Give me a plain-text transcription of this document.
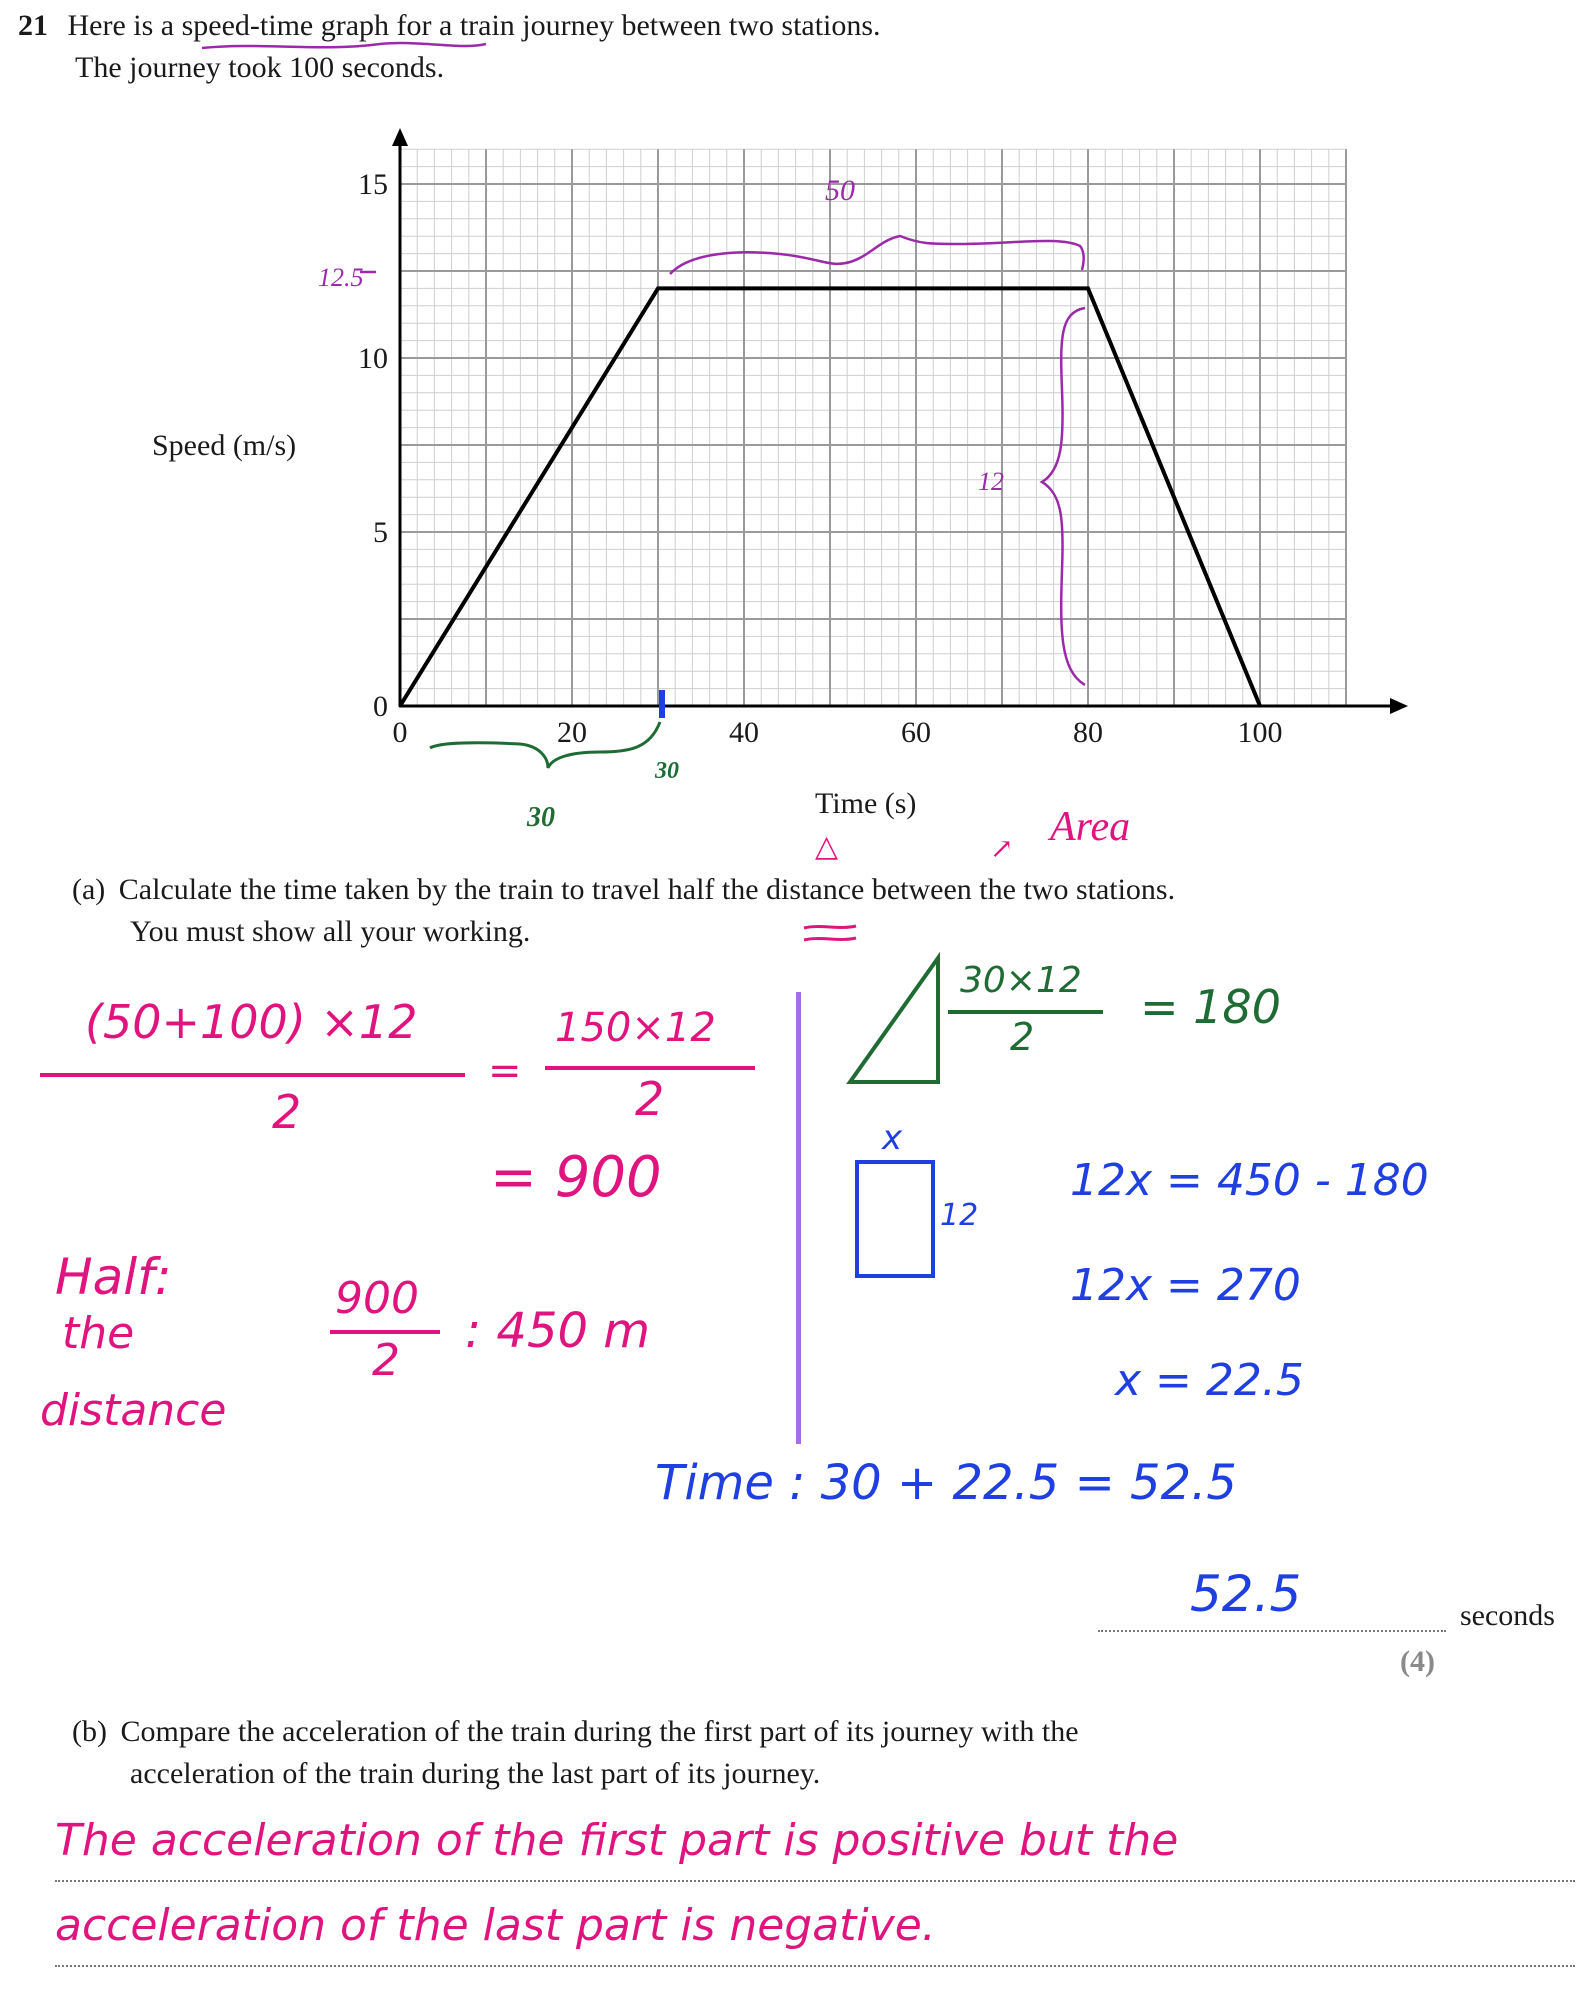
21 Here is a speed-time graph for a train journey between two stations.
The journey took 100 seconds.
Speed (m/s)
Time (s)
0
5
10
15
0	20	40	60	80	100
50
12.5
12
30
30
△	↗ Area
(a) Calculate the time taken by the train to travel half the distance between the two stations.
You must show all your working.
(50+100) ×12
2
=
150×12
2
= 900
Half:
the
distance
900
2
: 450 m
30×12
2
= 180
x
12
12x = 450 - 180
12x = 270
x = 22.5
Time : 30 + 22.5 = 52.5
52.5	seconds
(4)
(b) Compare the acceleration of the train during the first part of its journey with the
acceleration of the train during the last part of its journey.
The acceleration of the first part is positive but the
acceleration of the last part is negative.
